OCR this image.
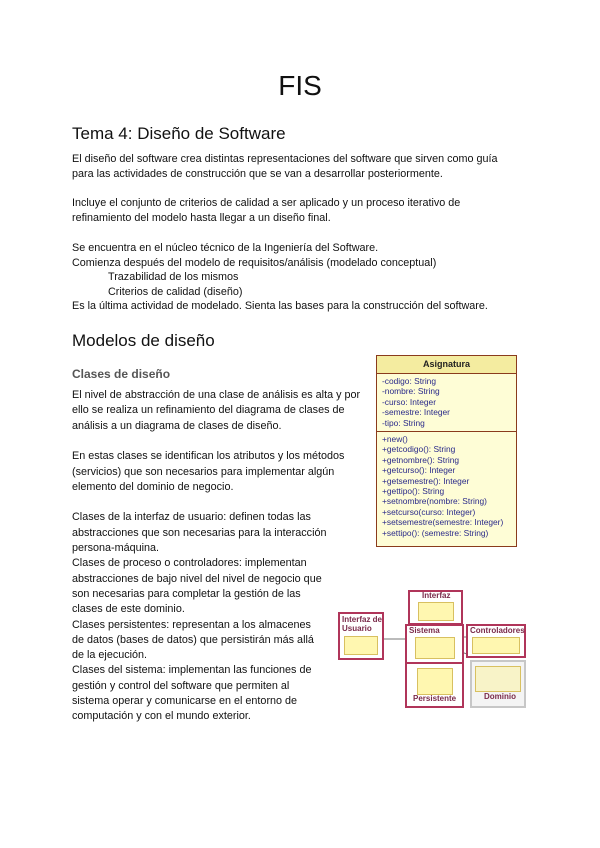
FIS
Tema 4: Diseño de Software

El diseño del software crea distintas representaciones del software que sirven como guía

para las actividades de construcción que se van a desarrollar posteriormente.

Incluye el conjunto de criterios de calidad a ser aplicado y un proceso iterativo de

refinamiento del modelo hasta llegar a un diseño final.

Se encuentra en el núcleo técnico de la Ingeniería del Software.

Comienza después del modelo de requisitos/análisis (modelado conceptual)

Trazabilidad de los mismos

Criterios de calidad (diseño)

Es la última actividad de modelado. Sienta las bases para la construcción del software.

Modelos de diseño
Clases de diseño

El nivel de abstracción de una clase de análisis es alta y por

ello se realiza un refinamiento del diagrama de clases de

análisis a un diagrama de clases de diseño.

En estas clases se identifican los atributos y los métodos

(servicios) que son necesarios para implementar algún

elemento del dominio de negocio.

Clases de la interfaz de usuario: definen todas las

abstracciones que son necesarias para la interacción

persona-máquina.

Clases de proceso o controladores: implementan

abstracciones de bajo nivel del nivel de negocio que

son necesarias para completar la gestión de las

clases de este dominio.

Clases persistentes: representan a los almacenes

de datos (bases de datos) que persistirán más allá

de la ejecución.

Clases del sistema: implementan las funciones de

gestión y control del software que permiten al

sistema operar y comunicarse en el entorno de

computación y con el mundo exterior.

Asignatura
-codigo: String
-nombre: String
-curso: Integer
-semestre: Integer
-tipo: String
+new()
+getcodigo(): String
+getnombre(): String
+getcurso(): Integer
+getsemestre(): Integer
+gettipo(): String
+setnombre(nombre: String)
+setcurso(curso: Integer)
+setsemestre(semestre: Integer)
+settipo(): (semestre: String)
Interfaz
Interfaz de Usuario	Sistema	Controladores
Persistente	Dominio
